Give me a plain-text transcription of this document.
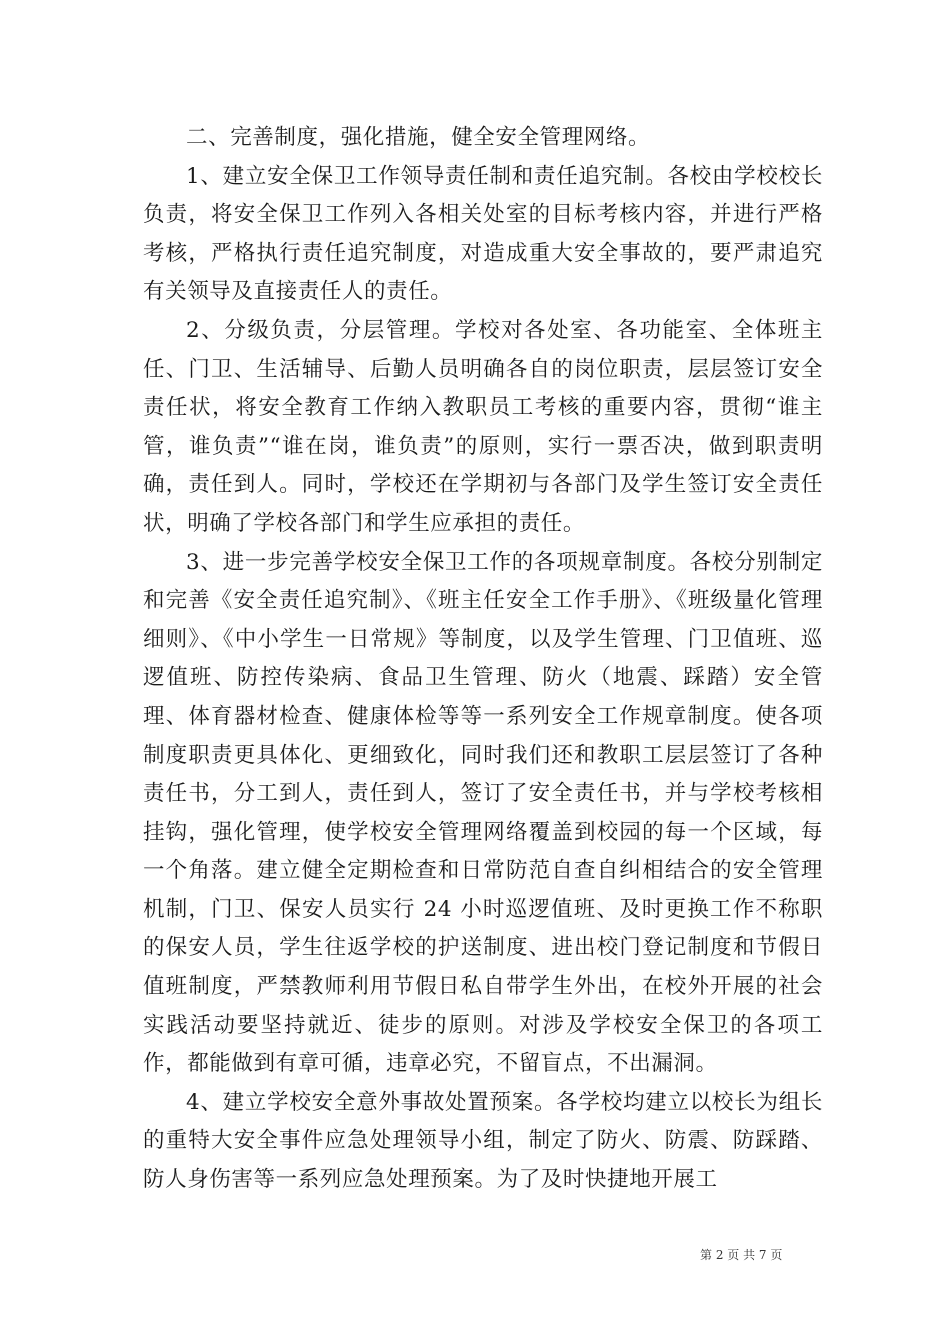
二、完善制度，强化措施，健全安全管理网络。

1、建立安全保卫工作领导责任制和责任追究制。各校由学校校长负责，将安全保卫工作列入各相关处室的目标考核内容，并进行严格考核，严格执行责任追究制度，对造成重大安全事故的，要严肃追究有关领导及直接责任人的责任。

2、分级负责，分层管理。学校对各处室、各功能室、全体班主任、门卫、生活辅导、后勤人员明确各自的岗位职责，层层签订安全责任状，将安全教育工作纳入教职员工考核的重要内容，贯彻“谁主管，谁负责”“谁在岗，谁负责”的原则，实行一票否决，做到职责明确，责任到人。同时，学校还在学期初与各部门及学生签订安全责任状，明确了学校各部门和学生应承担的责任。

3、进一步完善学校安全保卫工作的各项规章制度。各校分别制定和完善《安全责任追究制》、《班主任安全工作手册》、《班级量化管理细则》、《中小学生一日常规》等制度，以及学生管理、门卫值班、巡逻值班、防控传染病、食品卫生管理、防火（地震、踩踏）安全管理、体育器材检查、健康体检等等一系列安全工作规章制度。使各项制度职责更具体化、更细致化，同时我们还和教职工层层签订了各种责任书，分工到人，责任到人，签订了安全责任书，并与学校考核相挂钩，强化管理，使学校安全管理网络覆盖到校园的每一个区域，每一个角落。建立健全定期检查和日常防范自查自纠相结合的安全管理机制，门卫、保安人员实行 24 小时巡逻值班、及时更换工作不称职的保安人员，学生往返学校的护送制度、进出校门登记制度和节假日值班制度，严禁教师利用节假日私自带学生外出，在校外开展的社会实践活动要坚持就近、徒步的原则。对涉及学校安全保卫的各项工作，都能做到有章可循，违章必究，不留盲点，不出漏洞。

4、建立学校安全意外事故处置预案。各学校均建立以校长为组长的重特大安全事件应急处理领导小组，制定了防火、防震、防踩踏、防人身伤害等一系列应急处理预案。为了及时快捷地开展工

第 2 页 共 7 页
